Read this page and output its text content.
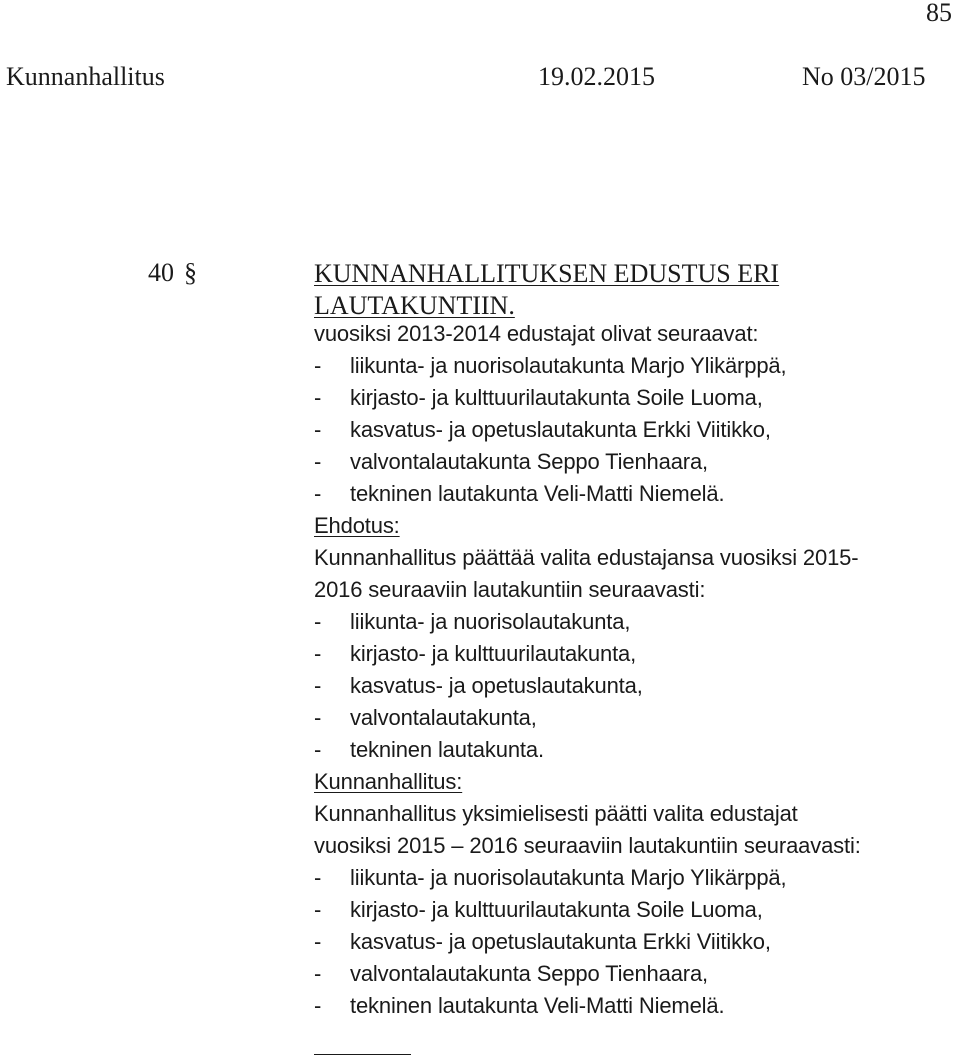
85
Kunnanhallitus	19.02.2015	No 03/2015
40 §	KUNNANHALLITUKSEN EDUSTUS ERI LAUTAKUNTIIN.
vuosiksi 2013-2014 edustajat olivat seuraavat:
- liikunta- ja nuorisolautakunta Marjo Ylikärppä,
- kirjasto- ja kulttuurilautakunta Soile Luoma,
- kasvatus- ja opetuslautakunta Erkki Viitikko,
- valvontalautakunta Seppo Tienhaara,
- tekninen lautakunta Veli-Matti Niemelä.
Ehdotus:
Kunnanhallitus päättää valita edustajansa vuosiksi 2015-
2016 seuraaviin lautakuntiin seuraavasti:
- liikunta- ja nuorisolautakunta,
- kirjasto- ja kulttuurilautakunta,
- kasvatus- ja opetuslautakunta,
- valvontalautakunta,
- tekninen lautakunta.
Kunnanhallitus:
Kunnanhallitus yksimielisesti päätti valita edustajat
vuosiksi 2015 – 2016 seuraaviin lautakuntiin seuraavasti:
- liikunta- ja nuorisolautakunta Marjo Ylikärppä,
- kirjasto- ja kulttuurilautakunta Soile Luoma,
- kasvatus- ja opetuslautakunta Erkki Viitikko,
- valvontalautakunta Seppo Tienhaara,
- tekninen lautakunta Veli-Matti Niemelä.
